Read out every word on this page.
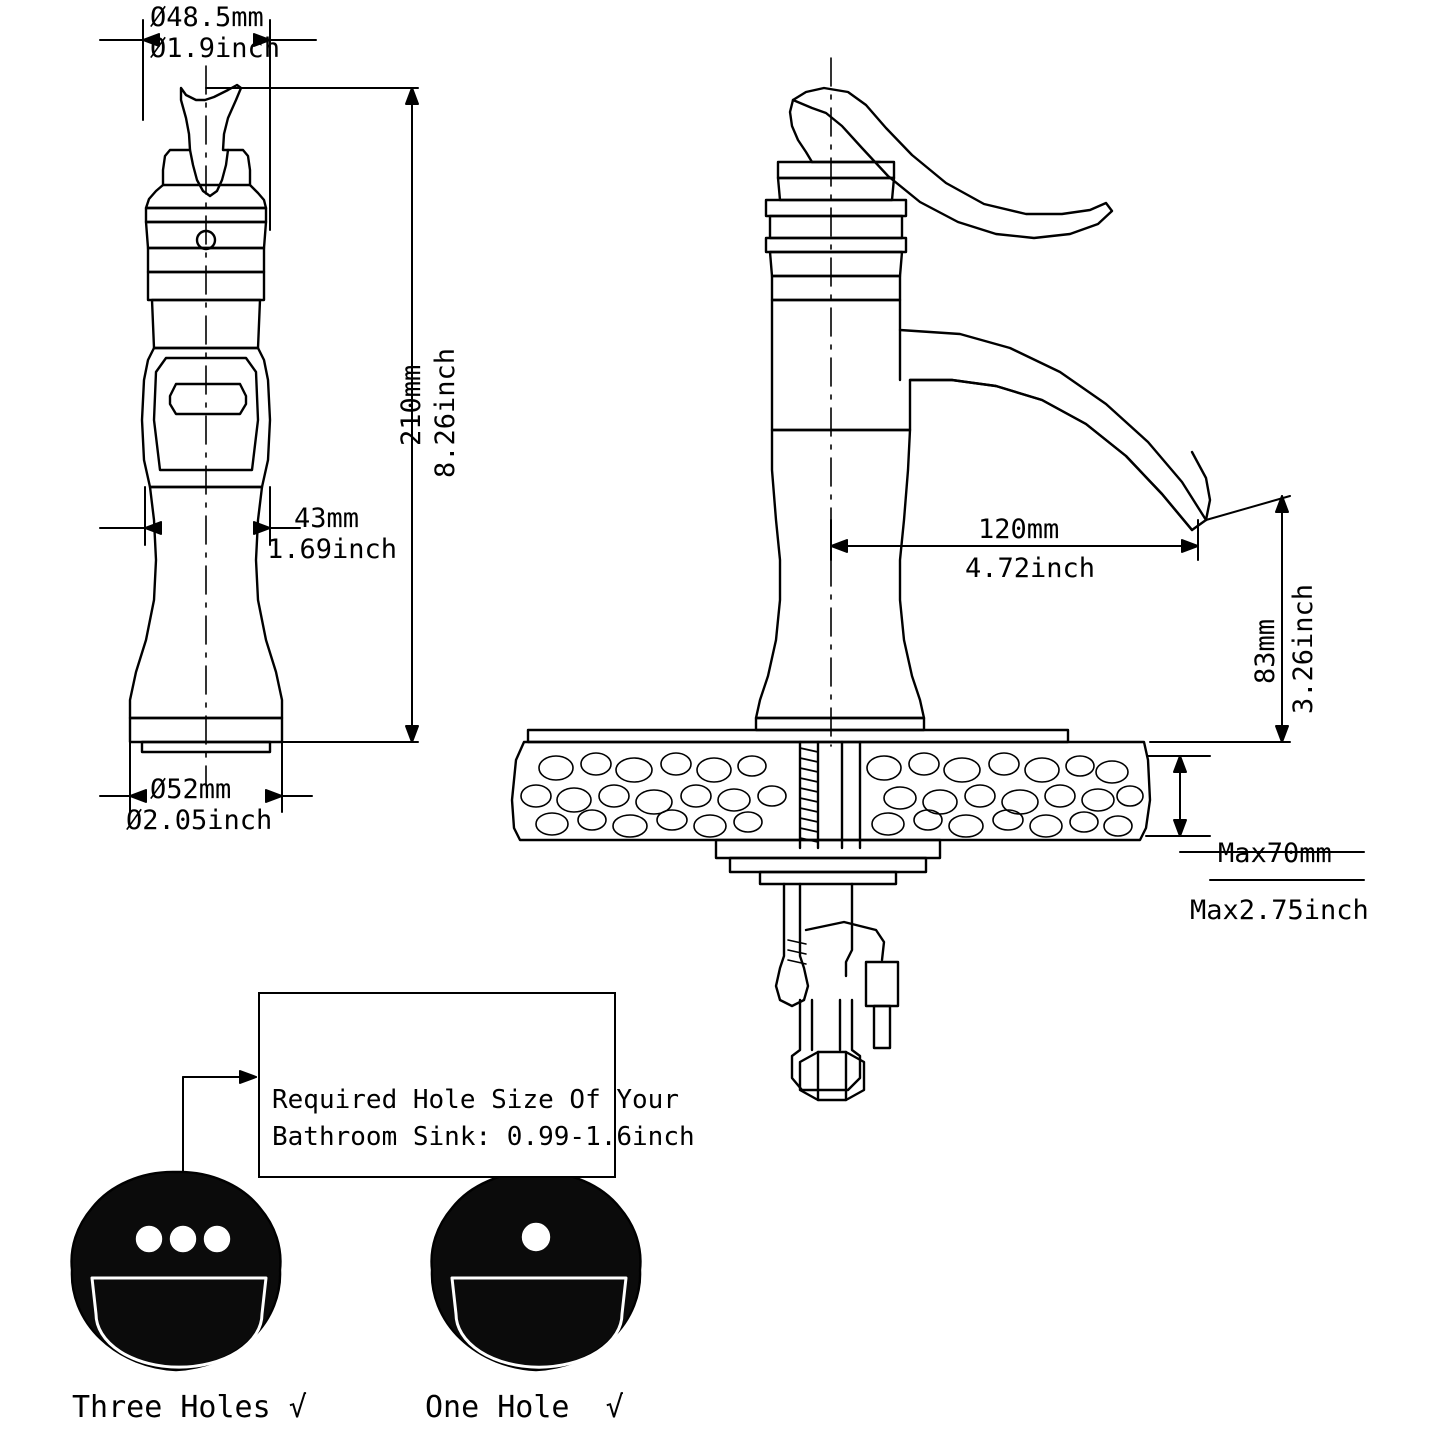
Ø48.5mm
Ø1.9inch
43mm
1.69inch
210mm 8.26inch
Ø52mm
Ø2.05inch
120mm
4.72inch
83mm 3.26inch
Max70mm
Max2.75inch
Required Hole Size Of Your
Bathroom Sink: 0.99-1.6inch
Three Holes √	One Hole  √
